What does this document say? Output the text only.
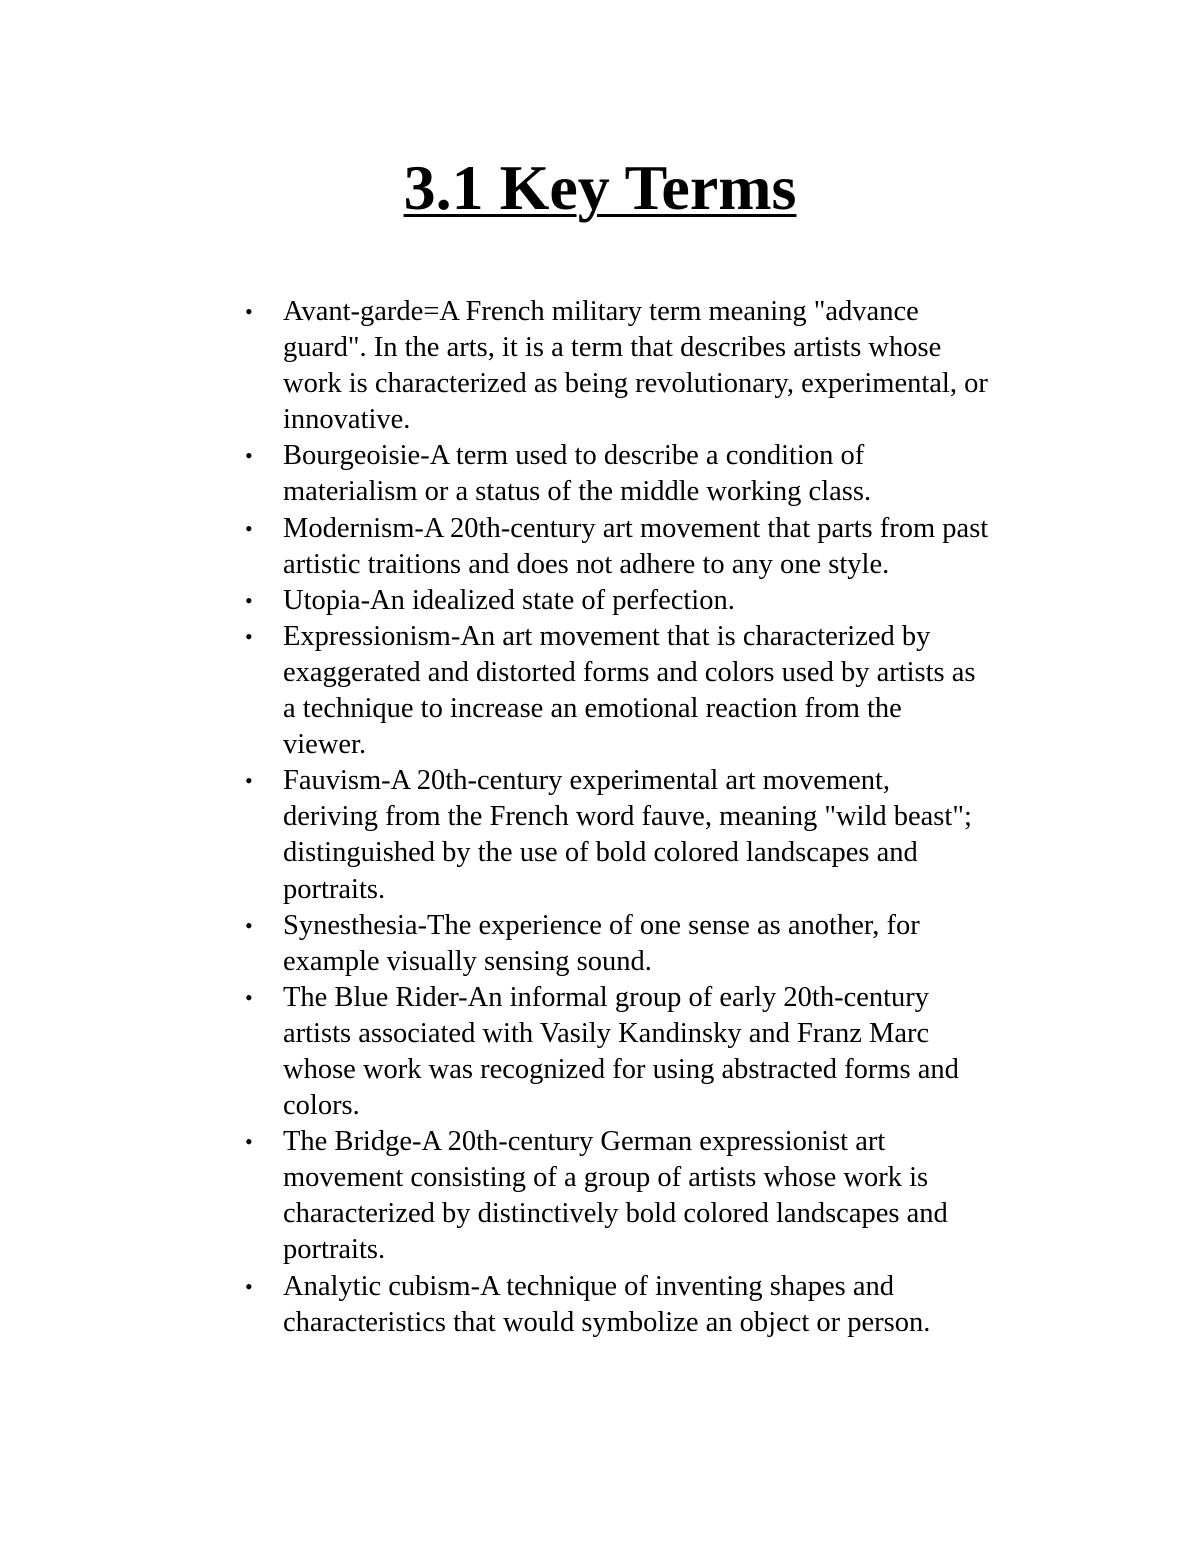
3.1 Key Terms
• Avant-garde=A French military term meaning "advance
guard". In the arts, it is a term that describes artists whose
work is characterized as being revolutionary, experimental, or
innovative.
• Bourgeoisie-A term used to describe a condition of
materialism or a status of the middle working class.
• Modernism-A 20th-century art movement that parts from past
artistic traitions and does not adhere to any one style.
• Utopia-An idealized state of perfection.
• Expressionism-An art movement that is characterized by
exaggerated and distorted forms and colors used by artists as
a technique to increase an emotional reaction from the
viewer.
• Fauvism-A 20th-century experimental art movement,
deriving from the French word fauve, meaning "wild beast";
distinguished by the use of bold colored landscapes and
portraits.
• Synesthesia-The experience of one sense as another, for
example visually sensing sound.
• The Blue Rider-An informal group of early 20th-century
artists associated with Vasily Kandinsky and Franz Marc
whose work was recognized for using abstracted forms and
colors.
• The Bridge-A 20th-century German expressionist art
movement consisting of a group of artists whose work is
characterized by distinctively bold colored landscapes and
portraits.
• Analytic cubism-A technique of inventing shapes and
characteristics that would symbolize an object or person.
